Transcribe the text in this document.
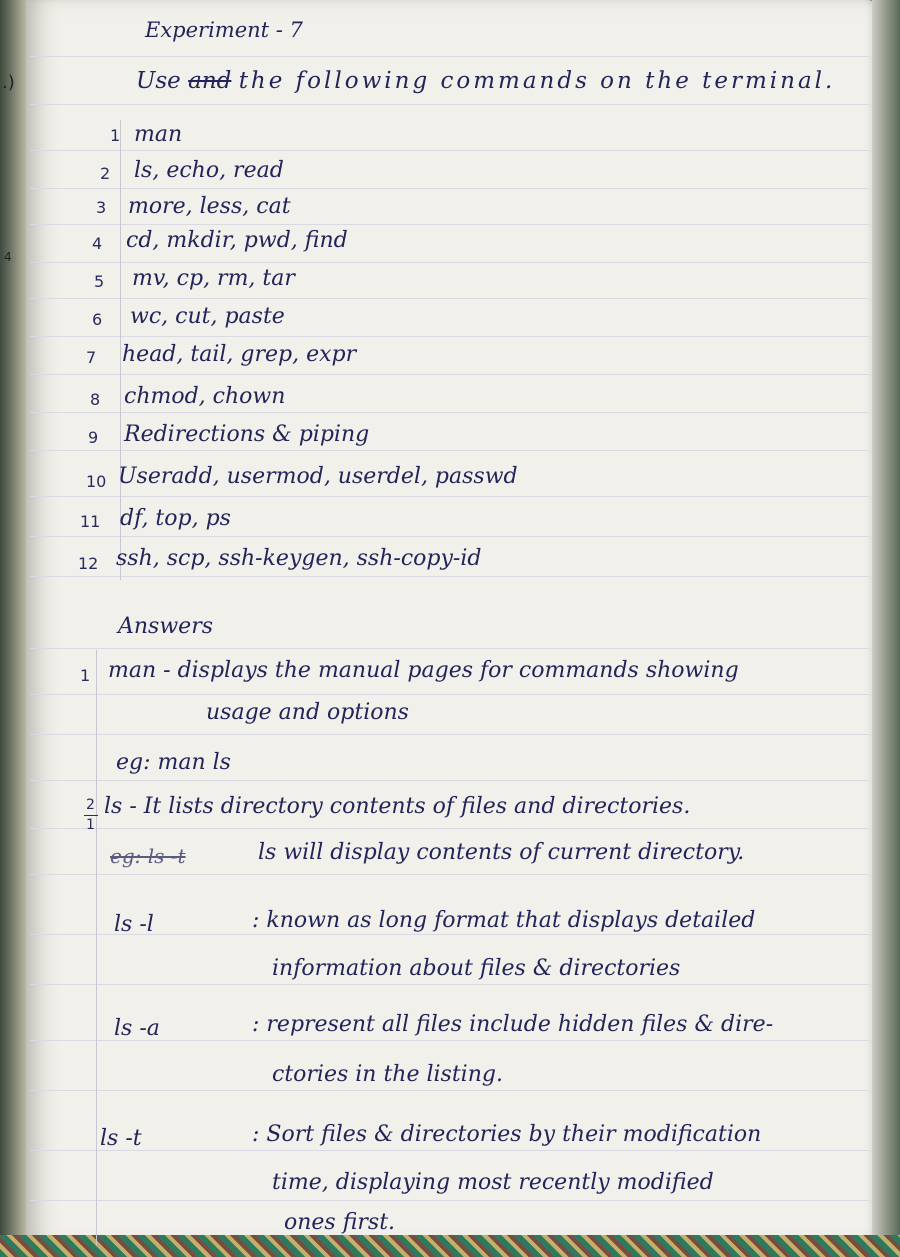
.)
4
Experiment - 7
Use and the following commands on the terminal.
1 man
2 ls, echo, read
3 more, less, cat
4 cd, mkdir, pwd, find
5 mv, cp, rm, tar
6 wc, cut, paste
7 head, tail, grep, expr
8 chmod, chown
9 Redirections & piping
10 Useradd, usermod, userdel, passwd
11 df, top, ps
12 ssh, scp, ssh-keygen, ssh-copy-id
Answers
1 man - displays the manual pages for commands showing
usage and options
eg: man ls
2
1
ls - It lists directory contents of files and directories.
eg: ls -t	ls will display contents of current directory.
ls -l	: known as long format that displays detailed
information about files & directories
ls -a	: represent all files include hidden files & dire-
ctories in the listing.
ls -t	: Sort files & directories by their modification
time, displaying most recently modified
ones first.
